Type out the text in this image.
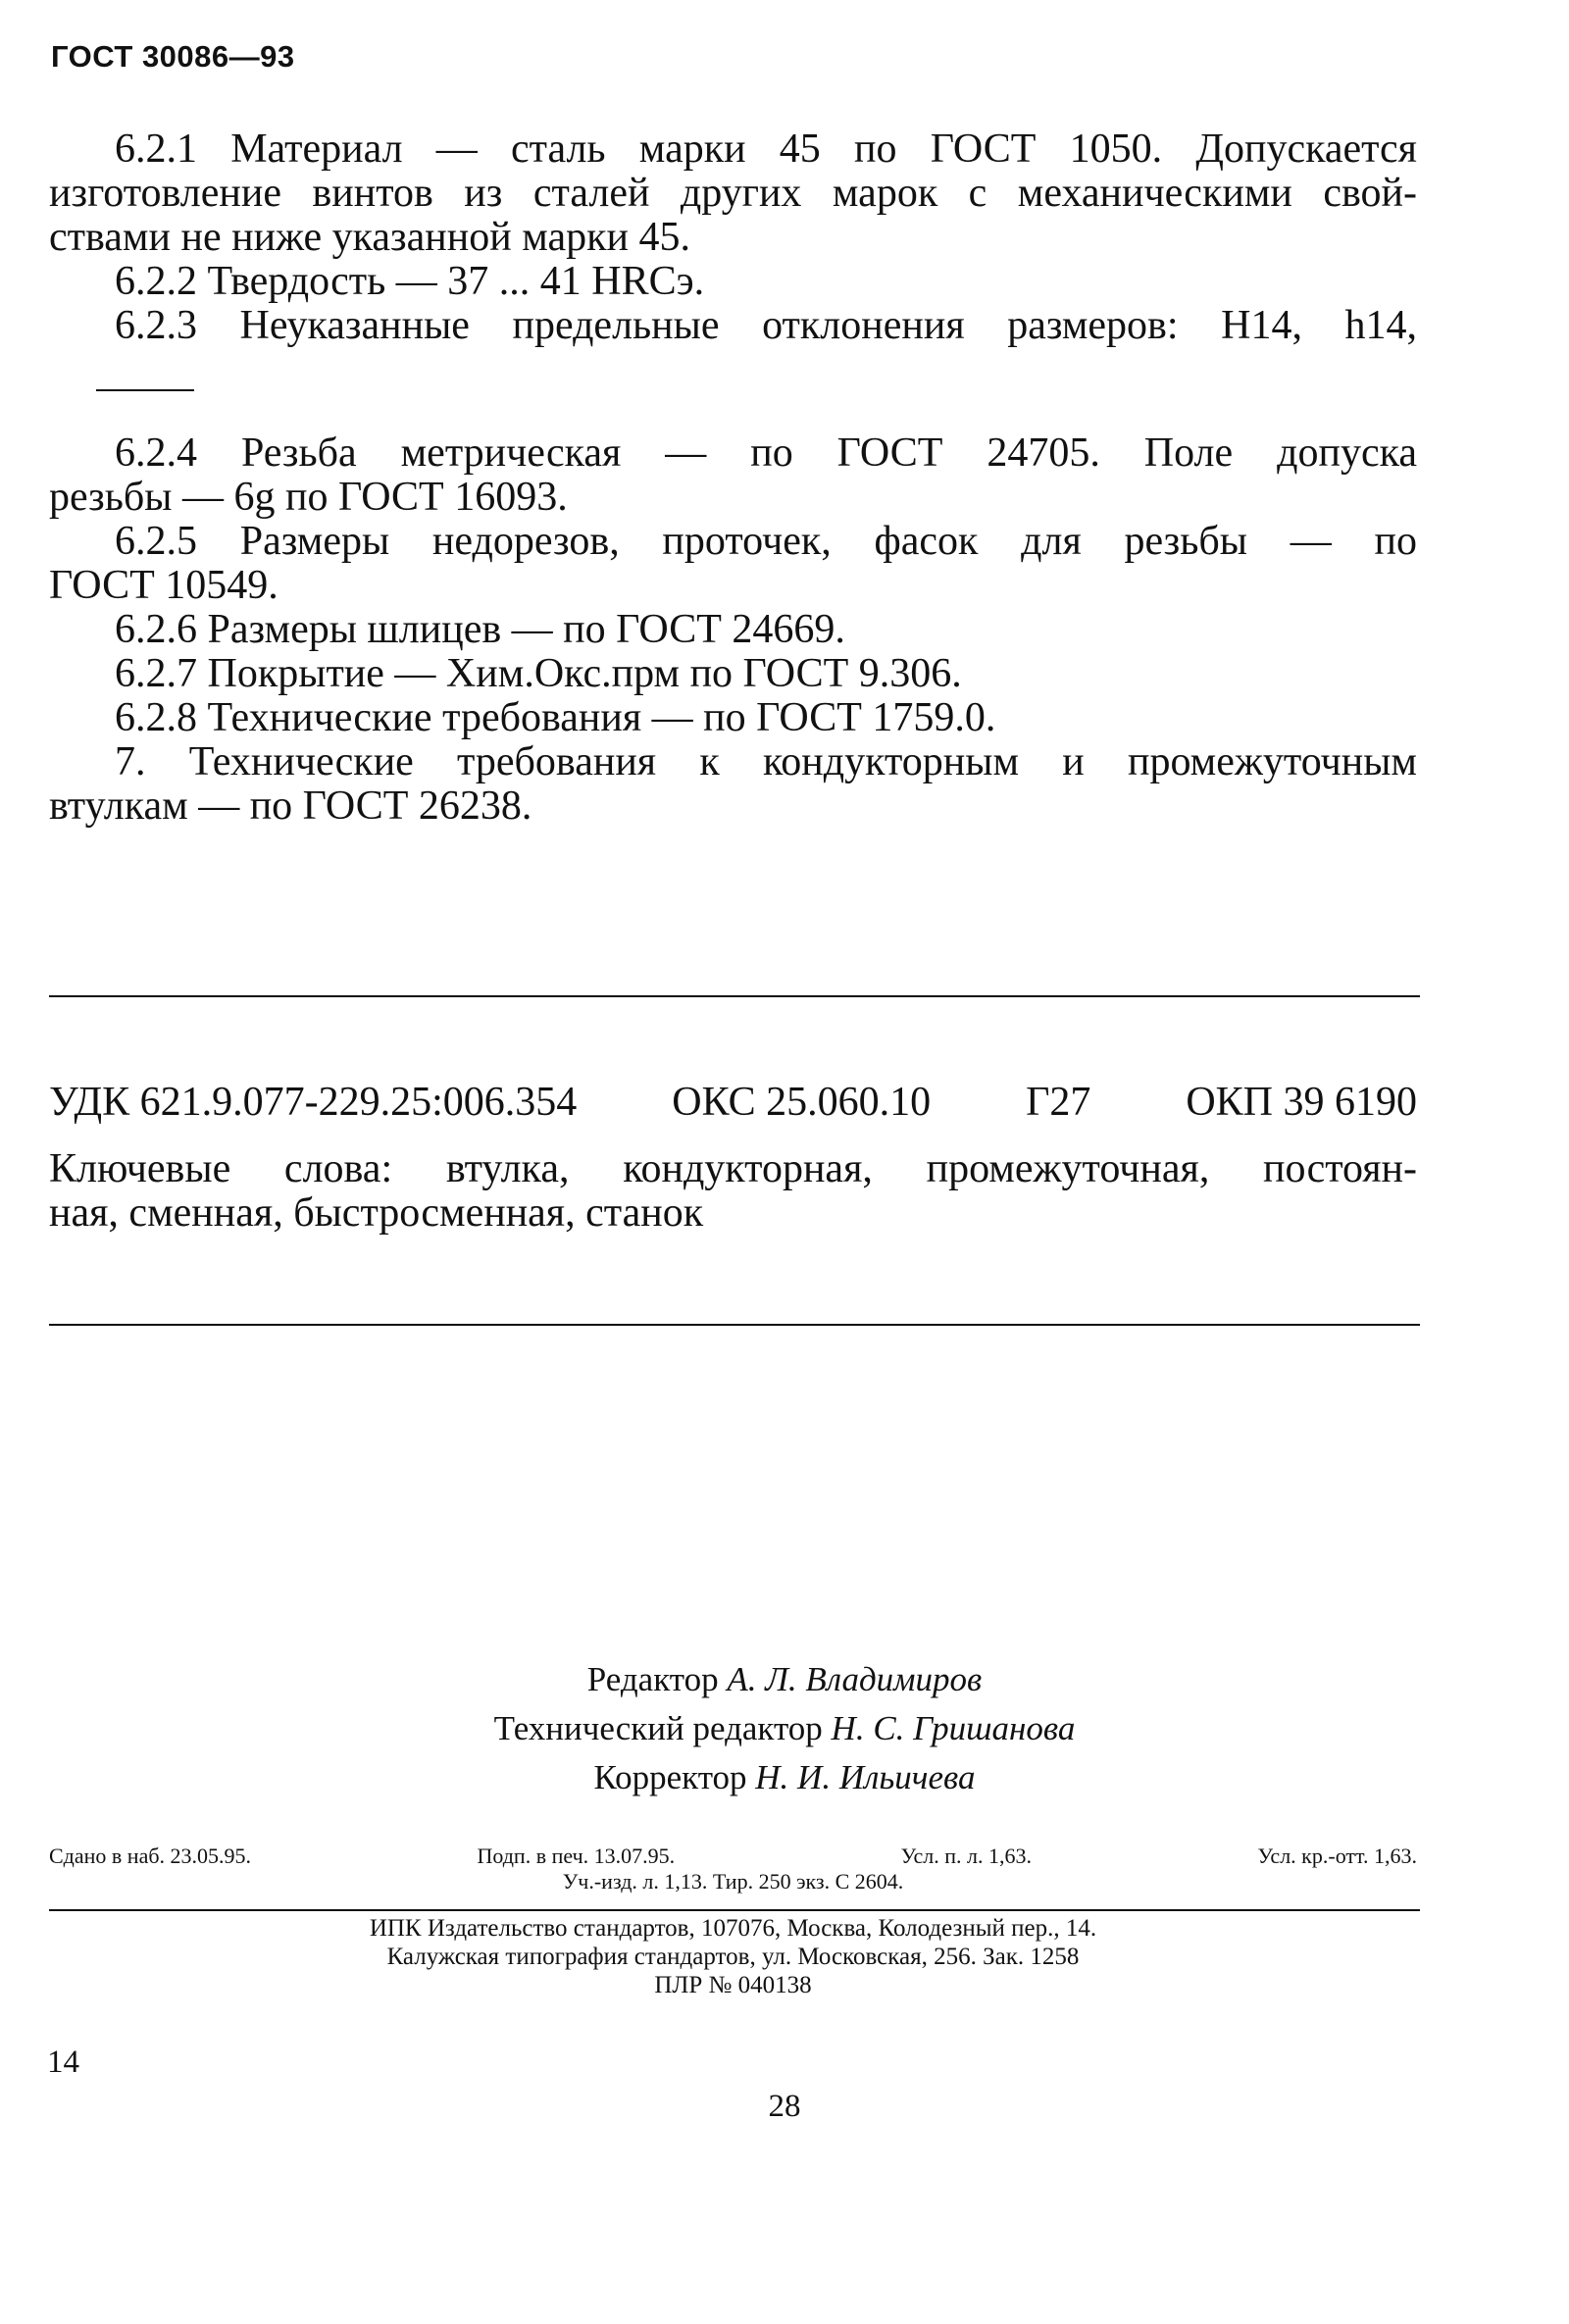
ГОСТ 30086—93
6.2.1 Материал — сталь марки 45 по ГОСТ 1050. Допускается
изготовление винтов из сталей других марок с механическими свой-
ствами не ниже указанной марки 45.
6.2.2 Твердость — 37 ... 41 HRCэ.
6.2.3 Неуказанные предельные отклонения размеров: H14, h14,
6.2.4 Резьба метрическая — по ГОСТ 24705. Поле допуска
резьбы — 6g по ГОСТ 16093.
6.2.5 Размеры недорезов, проточек, фасок для резьбы — по
ГОСТ 10549.
6.2.6 Размеры шлицев — по ГОСТ 24669.
6.2.7 Покрытие — Хим.Окс.прм по ГОСТ 9.306.
6.2.8 Технические требования — по ГОСТ 1759.0.
7. Технические требования к кондукторным и промежуточным
втулкам — по ГОСТ 26238.
УДК 621.9.077-229.25:006.354 ОКС 25.060.10 Г27 ОКП 39 6190
Ключевые слова: втулка, кондукторная, промежуточная, постоян-
ная, сменная, быстросменная, станок
Редактор А. Л. Владимиров
Технический редактор Н. С. Гришанова
Корректор Н. И. Ильичева
Сдано в наб. 23.05.95.	Подп. в печ. 13.07.95.	Усл. п. л. 1,63.	Усл. кр.-отт. 1,63.
Уч.-изд. л. 1,13. Тир. 250 экз. С 2604.
ИПК Издательство стандартов, 107076, Москва, Колодезный пер., 14.
Калужская типография стандартов, ул. Московская, 256. Зак. 1258
ПЛР № 040138
14
28
